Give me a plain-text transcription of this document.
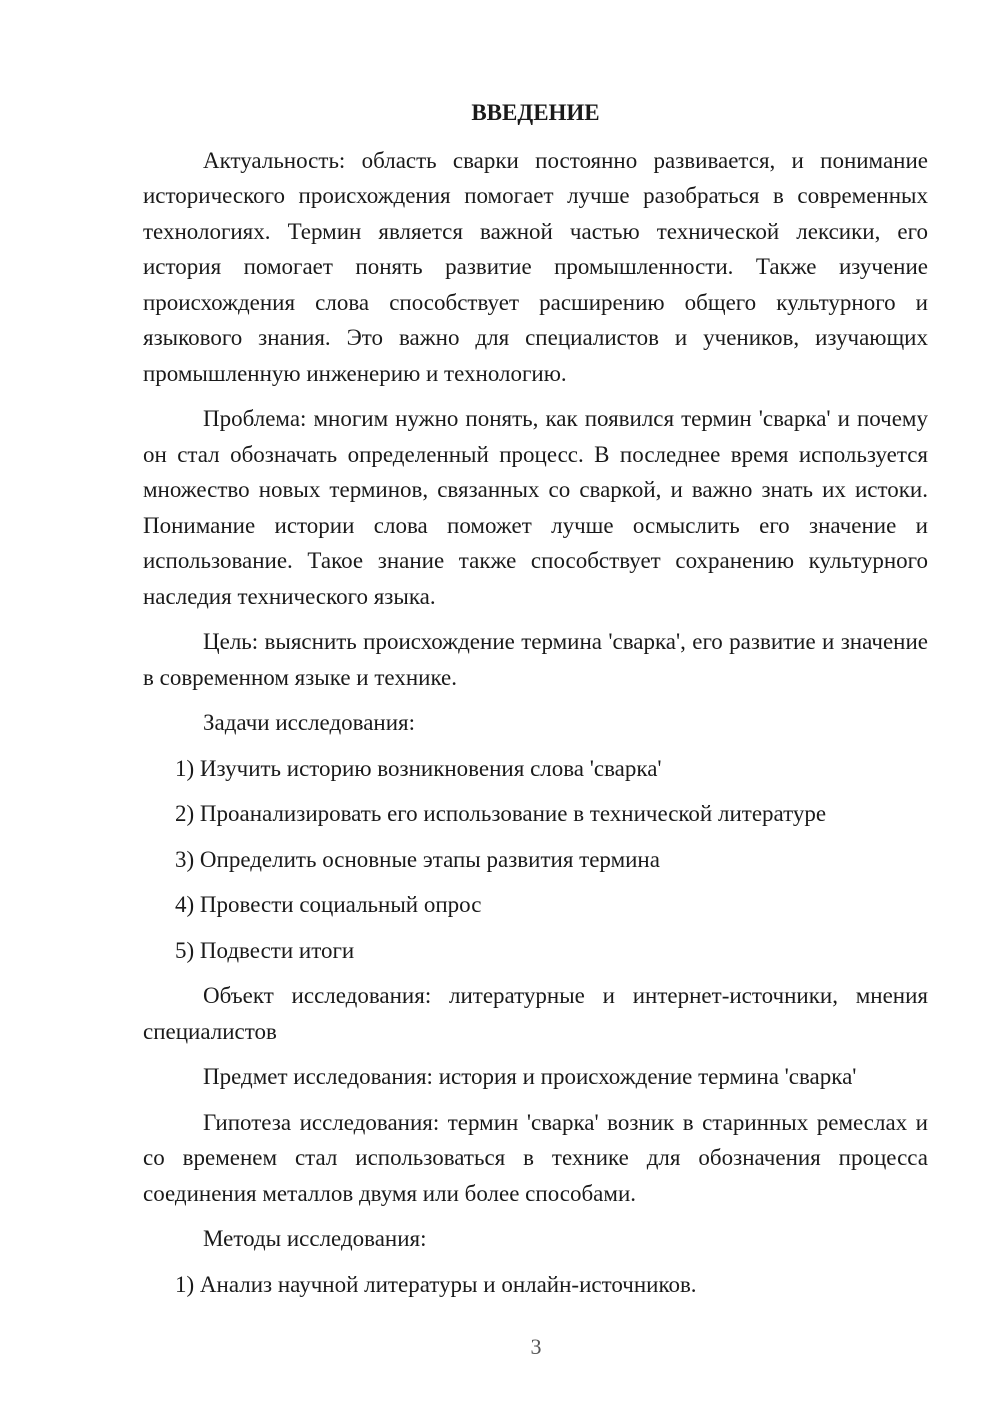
ВВЕДЕНИЕ

Актуальность: область сварки постоянно развивается, и понимание исторического происхождения помогает лучше разобраться в современных технологиях. Термин является важной частью технической лексики, его история помогает понять развитие промышленности. Также изучение происхождения слова способствует расширению общего культурного и языкового знания. Это важно для специалистов и учеников, изучающих промышленную инженерию и технологию.

Проблема: многим нужно понять, как появился термин 'сварка' и почему он стал обозначать определенный процесс. В последнее время используется множество новых терминов, связанных со сваркой, и важно знать их истоки. Понимание истории слова поможет лучше осмыслить его значение и использование. Такое знание также способствует сохранению культурного наследия технического языка.

Цель: выяснить происхождение термина 'сварка', его развитие и значение в современном языке и технике.

Задачи исследования:

1) Изучить историю возникновения слова 'сварка'

2) Проанализировать его использование в технической литературе

3) Определить основные этапы развития термина

4) Провести социальный опрос

5) Подвести итоги

Объект исследования: литературные и интернет-источники, мнения специалистов

Предмет исследования: история и происхождение термина 'сварка'

Гипотеза исследования: термин 'сварка' возник в старинных ремеслах и со временем стал использоваться в технике для обозначения процесса соединения металлов двумя или более способами.

Методы исследования:

1) Анализ научной литературы и онлайн-источников.

3
